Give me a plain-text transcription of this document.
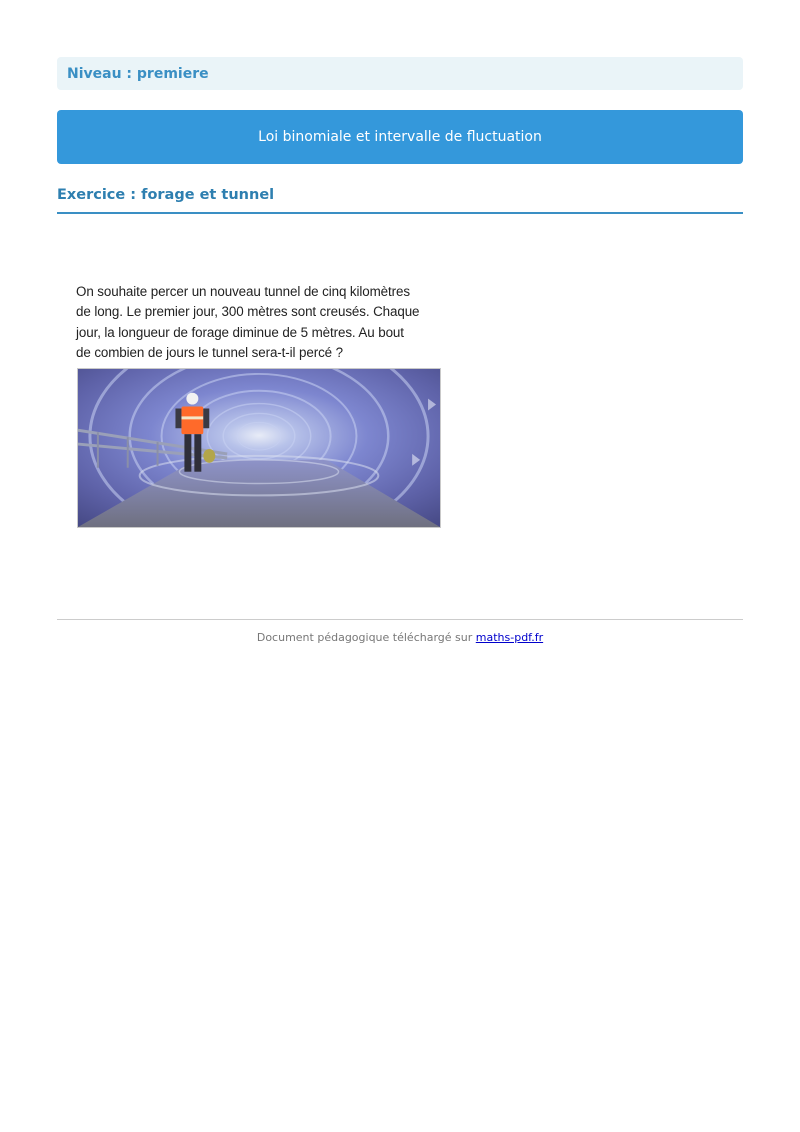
Niveau : premiere
Loi binomiale et intervalle de fluctuation
Exercice : forage et tunnel
On souhaite percer un nouveau tunnel de cinq kilomètres
de long. Le premier jour, 300 mètres sont creusés. Chaque
jour, la longueur de forage diminue de 5 mètres. Au bout
de combien de jours le tunnel sera-t-il percé ?
Document pédagogique téléchargé sur maths-pdf.fr
